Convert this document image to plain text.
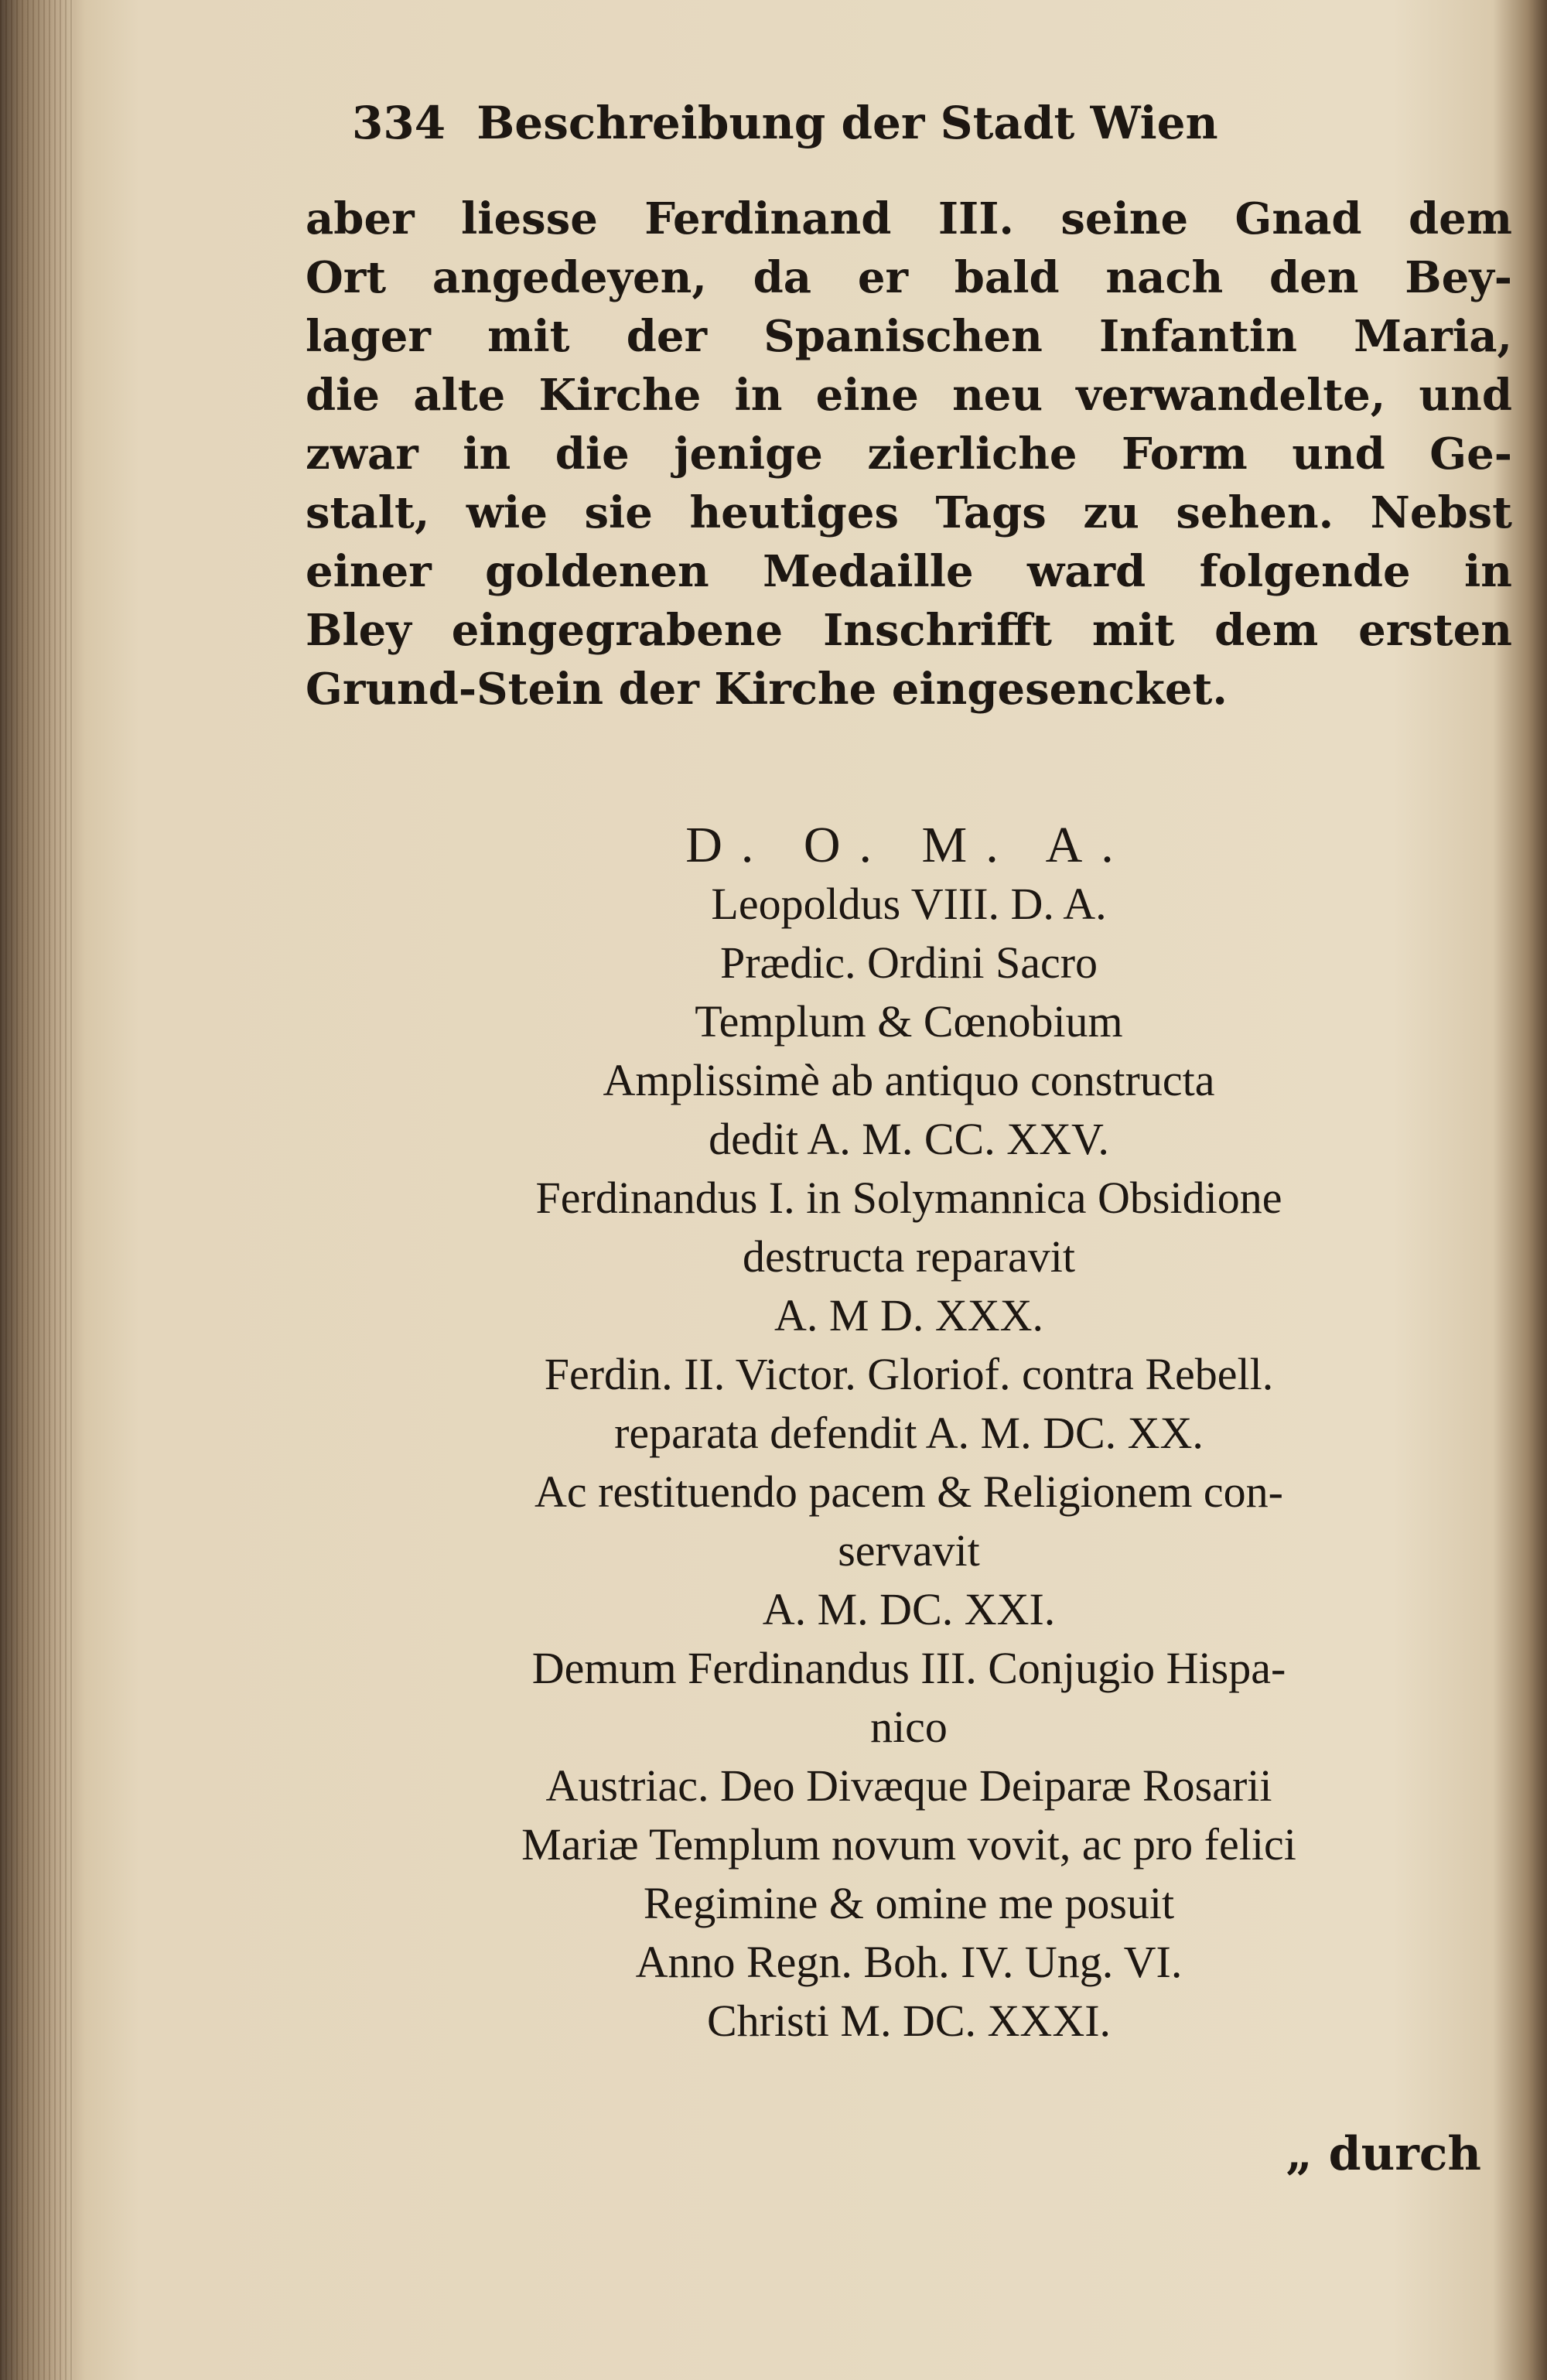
334 Beschreibung der Stadt Wien
aber liesse Ferdinand III. seine Gnad dem
Ort angedeyen, da er bald nach den Bey-
lager mit der Spanischen Infantin Maria,
die alte Kirche in eine neu verwandelte, und
zwar in die jenige zierliche Form und Ge-
stalt, wie sie heutiges Tags zu sehen. Nebst
einer goldenen Medaille ward folgende in
Bley eingegrabene Inschrifft mit dem ersten
Grund-Stein der Kirche eingesencket.
D. O. M. A.
Leopoldus VIII. D. A.
Prædic. Ordini Sacro
Templum & Cœnobium
Amplissimè ab antiquo constructa
dedit A. M. CC. XXV.
Ferdinandus I. in Solymannica Obsidione
destructa reparavit
A. M D. XXX.
Ferdin. II. Victor. Gloriof. contra Rebell.
reparata defendit A. M. DC. XX.
Ac restituendo pacem & Religionem con-
servavit
A. M. DC. XXI.
Demum Ferdinandus III. Conjugio Hispa-
nico
Austriac. Deo Divæque Deiparæ Rosarii
Mariæ Templum novum vovit, ac pro felici
Regimine & omine me posuit
Anno Regn. Boh. IV. Ung. VI.
Christi M. DC. XXXI.
„ durch
